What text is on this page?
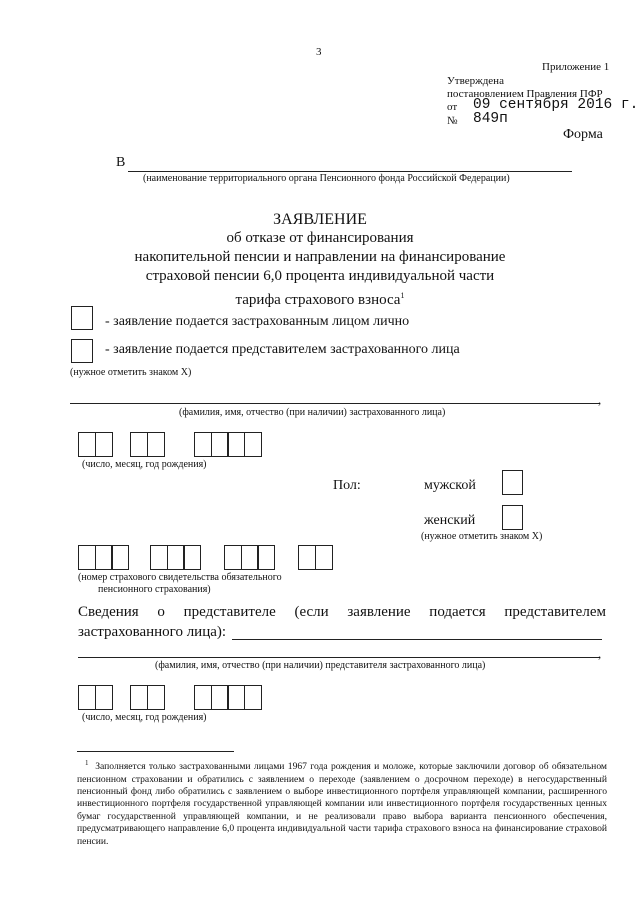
3
Приложение 1
Утверждена
постановлением Правления ПФР
от 09 сентября 2016 г.
№ 849п
Форма
В
(наименование территориального органа Пенсионного фонда Российской Федерации)
ЗАЯВЛЕНИЕ
об отказе от финансирования
накопительной пенсии и направлении на финансирование
страховой пенсии 6,0 процента индивидуальной части
тарифа страхового взноса$^1$
- заявление подается застрахованным лицом лично
- заявление подается представителем застрахованного лица
(нужное отметить знаком X)
,
(фамилия, имя, отчество (при наличии) застрахованного лица)
(число, месяц, год рождения)
Пол:	мужской
женский
(нужное отметить знаком X)
(номер страхового свидетельства обязательного
пенсионного страхования)
Сведения о представителе (если заявление подается представителем
застрахованного лица):
,
(фамилия, имя, отчество (при наличии) представителя застрахованного лица)
(число, месяц, год рождения)
$^1$ Заполняется только застрахованными лицами 1967 года рождения и моложе, которые заключили договор об обязательном пенсионном страховании и обратились с заявлением о переходе (заявлением о досрочном переходе) в негосударственный пенсионный фонд либо обратились с заявлением о выборе инвестиционного портфеля управляющей компании, расширенного инвестиционного портфеля государственной управляющей компании или инвестиционного портфеля государственных ценных бумаг государственной управляющей компании, и не реализовали право выбора варианта пенсионного обеспечения, предусматривающего направление 6,0 процента индивидуальной части тарифа страхового взноса на финансирование страховой пенсии.
